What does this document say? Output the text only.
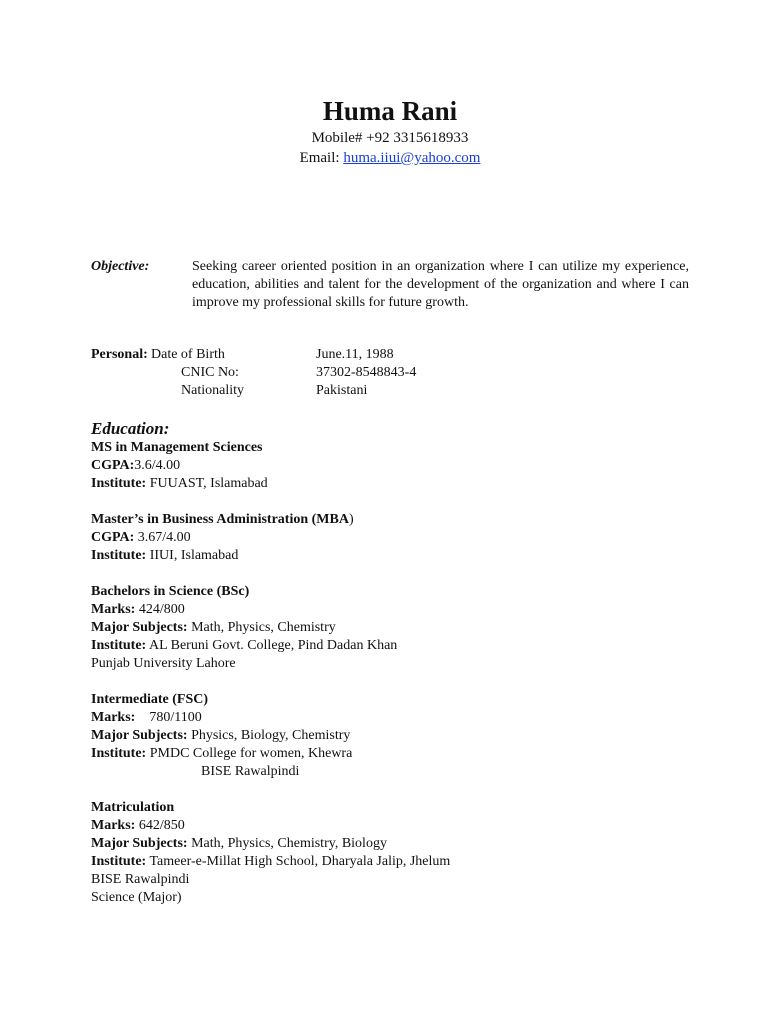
Huma Rani
Mobile# +92 3315618933
Email: huma.iiui@yahoo.com
Objective:	Seeking career oriented position in an organization where I can utilize my experience, education, abilities and talent for the development of the organization and where I can improve my professional skills for future growth.
Personal: Date of Birth	June.11, 1988
CNIC No:	37302-8548843-4
Nationality	Pakistani
Education:
MS in Management Sciences
CGPA:3.6/4.00
Institute: FUUAST, Islamabad
Master’s in Business Administration (MBA)
CGPA: 3.67/4.00
Institute: IIUI, Islamabad
Bachelors in Science (BSc)
Marks: 424/800
Major Subjects: Math, Physics, Chemistry
Institute: AL Beruni Govt. College, Pind Dadan Khan
Punjab University Lahore
Intermediate (FSC)
Marks:    780/1100
Major Subjects: Physics, Biology, Chemistry
Institute: PMDC College for women, Khewra
BISE Rawalpindi
Matriculation
Marks: 642/850
Major Subjects: Math, Physics, Chemistry, Biology
Institute: Tameer-e-Millat High School, Dharyala Jalip, Jhelum
BISE Rawalpindi
Science (Major)
